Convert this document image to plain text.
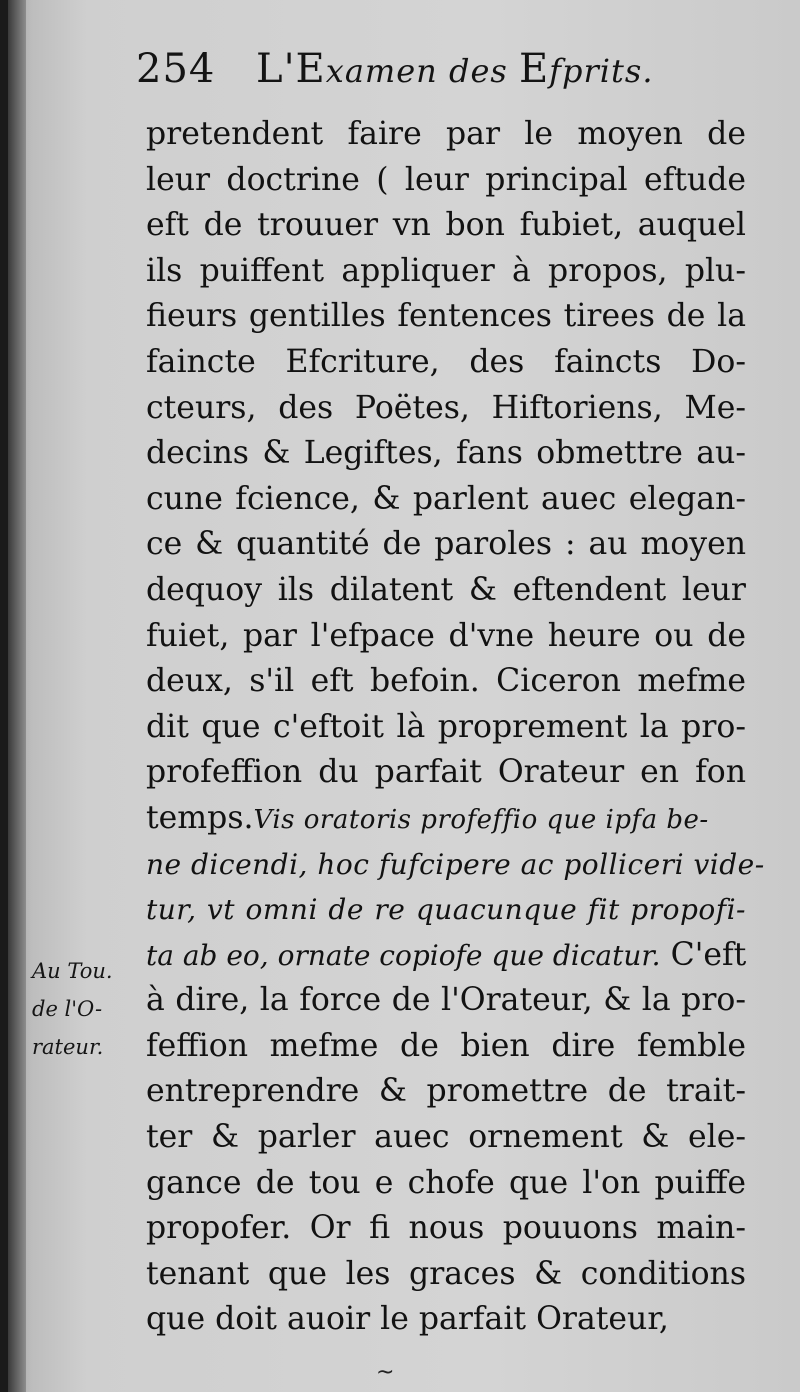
254 L'Examen des Efprits.
Au Tou.
de l'O-
rateur.
pretendent faire par le moyen de
leur doctrine ( leur principal eftude
eft de trouuer vn bon fubiet, auquel
ils puiffent appliquer à propos, plu-
fieurs gentilles fentences tirees de la
faincte Efcriture, des faincts Do-
cteurs, des Poëtes, Hiftoriens, Me-
decins & Legiftes, fans obmettre au-
cune fcience, & parlent auec elegan-
ce & quantité de paroles : au moyen
dequoy ils dilatent & eftendent leur
fuiet, par l'efpace d'vne heure ou de
deux, s'il eft befoin. Ciceron mefme
dit que c'eftoit là proprement la pro-
profeffion du parfait Orateur en fon
temps.Vis oratoris profeffio que ipfa be-
ne dicendi, hoc fufcipere ac polliceri vide-
tur, vt omni de re quacunque fit propofi-
ta ab eo, ornate copiofe que dicatur. C'eft
à dire, la force de l'Orateur, & la pro-
feffion mefme de bien dire femble
entreprendre & promettre de trait-
ter & parler auec ornement & ele-
gance de tou e chofe que l'on puiffe
propofer. Or fi nous pouuons main-
tenant que les graces & conditions
que doit auoir le parfait Orateur,
~
